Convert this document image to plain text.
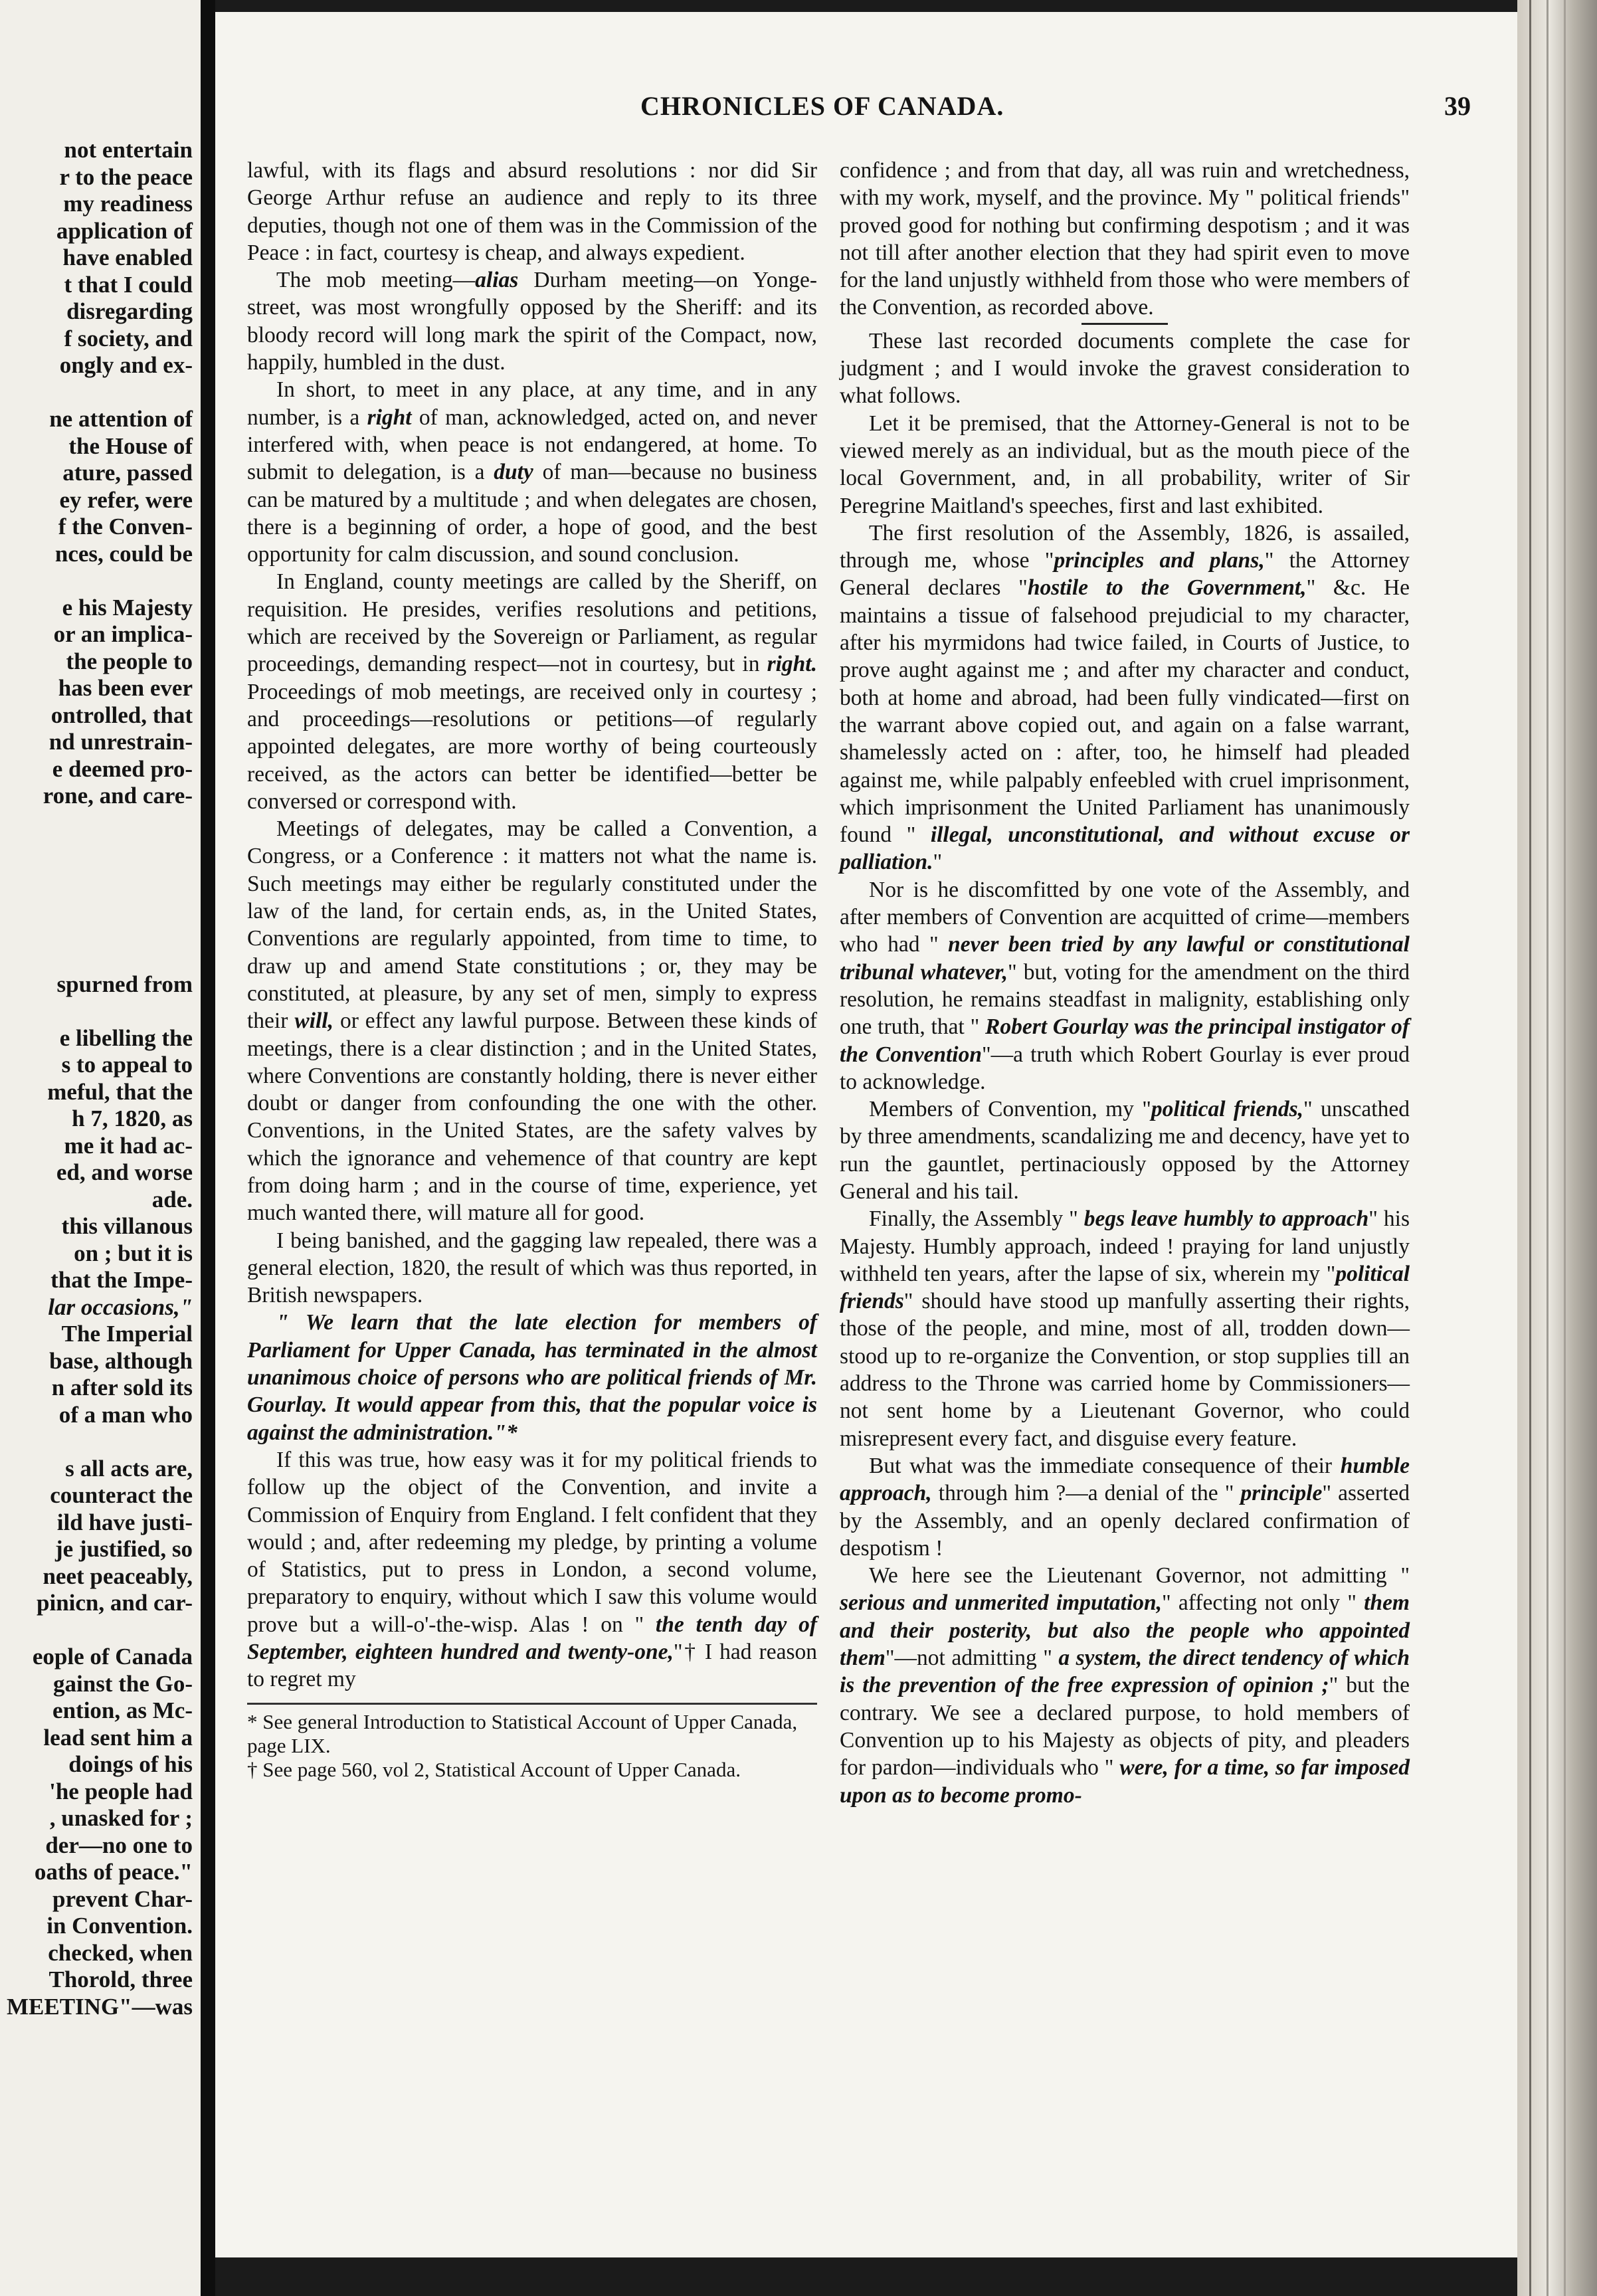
not entertain
r to the peace
my readiness
application of
have enabled
t that I could
disregarding
f society, and
ongly and ex-
ne attention of
the House of
ature, passed
ey refer, were
f the Conven-
nces, could be
e his Majesty
or an implica-
the people to
has been ever
ontrolled, that
nd unrestrain-
e deemed pro-
rone, and care-
spurned from
e libelling the
s to appeal to
meful, that the
h 7, 1820, as
me it had ac-
ed, and worse
ade.
this villanous
on ; but it is
that the Impe-
lar occasions,"
The Imperial
base, although
n after sold its
of a man who
s all acts are,
counteract the
ild have justi-
je justified, so
neet peaceably,
pinicn, and car-
eople of Canada
gainst the Go-
ention, as Mc-
lead sent him a
doings of his
'he people had
, unasked for ;
der—no one to
oaths of peace."
prevent Char-
in Convention.
checked, when
Thorold, three
MEETING"—was
CHRONICLES OF CANADA.	39

lawful, with its flags and absurd resolutions : nor did Sir George Arthur refuse an audience and reply to its three deputies, though not one of them was in the Commission of the Peace : in fact, courtesy is cheap, and always expedient.

The mob meeting—alias Durham meeting—on Yonge-street, was most wrongfully opposed by the Sheriff: and its bloody record will long mark the spirit of the Compact, now, happily, humbled in the dust.

In short, to meet in any place, at any time, and in any number, is a right of man, acknowledged, acted on, and never interfered with, when peace is not endangered, at home. To submit to delegation, is a duty of man—because no business can be matured by a multitude ; and when delegates are chosen, there is a beginning of order, a hope of good, and the best opportunity for calm discussion, and sound conclusion.

In England, county meetings are called by the Sheriff, on requisition. He presides, verifies resolutions and petitions, which are received by the Sovereign or Parliament, as regular proceedings, demanding respect—not in courtesy, but in right. Proceedings of mob meetings, are received only in courtesy ; and proceedings—resolutions or petitions—of regularly appointed delegates, are more worthy of being courteously received, as the actors can better be identified—better be conversed or correspond with.

Meetings of delegates, may be called a Convention, a Congress, or a Conference : it matters not what the name is. Such meetings may either be regularly constituted under the law of the land, for certain ends, as, in the United States, Conventions are regularly appointed, from time to time, to draw up and amend State constitutions ; or, they may be constituted, at pleasure, by any set of men, simply to express their will, or effect any lawful purpose. Between these kinds of meetings, there is a clear distinction ; and in the United States, where Conventions are constantly holding, there is never either doubt or danger from confounding the one with the other. Conventions, in the United States, are the safety valves by which the ignorance and vehemence of that country are kept from doing harm ; and in the course of time, experience, yet much wanted there, will mature all for good.

I being banished, and the gagging law repealed, there was a general election, 1820, the result of which was thus reported, in British newspapers.

" We learn that the late election for members of Parliament for Upper Canada, has terminated in the almost unanimous choice of persons who are political friends of Mr. Gourlay. It would appear from this, that the popular voice is against the administration."*

If this was true, how easy was it for my political friends to follow up the object of the Convention, and invite a Commission of Enquiry from England. I felt confident that they would ; and, after redeeming my pledge, by printing a volume of Statistics, put to press in London, a second volume, preparatory to enquiry, without which I saw this volume would prove but a will-o'-the-wisp. Alas ! on " the tenth day of September, eighteen hundred and twenty-one,"† I had reason to regret my

* See general Introduction to Statistical Account of Upper Canada, page LIX.

† See page 560, vol 2, Statistical Account of Upper Canada.

confidence ; and from that day, all was ruin and wretchedness, with my work, myself, and the province. My " political friends" proved good for nothing but confirming despotism ; and it was not till after another election that they had spirit even to move for the land unjustly withheld from those who were members of the Convention, as recorded above.

These last recorded documents complete the case for judgment ; and I would invoke the gravest consideration to what follows.

Let it be premised, that the Attorney-General is not to be viewed merely as an individual, but as the mouth piece of the local Government, and, in all probability, writer of Sir Peregrine Maitland's speeches, first and last exhibited.

The first resolution of the Assembly, 1826, is assailed, through me, whose "principles and plans," the Attorney General declares "hostile to the Government," &c. He maintains a tissue of falsehood prejudicial to my character, after his myrmidons had twice failed, in Courts of Justice, to prove aught against me ; and after my character and conduct, both at home and abroad, had been fully vindicated—first on the warrant above copied out, and again on a false warrant, shamelessly acted on : after, too, he himself had pleaded against me, while palpably enfeebled with cruel imprisonment, which imprisonment the United Parliament has unanimously found " illegal, unconstitutional, and without excuse or palliation."

Nor is he discomfitted by one vote of the Assembly, and after members of Convention are acquitted of crime—members who had " never been tried by any lawful or constitutional tribunal whatever," but, voting for the amendment on the third resolution, he remains steadfast in malignity, establishing only one truth, that " Robert Gourlay was the principal instigator of the Convention"—a truth which Robert Gourlay is ever proud to acknowledge.

Members of Convention, my "political friends," unscathed by three amendments, scandalizing me and decency, have yet to run the gauntlet, pertinaciously opposed by the Attorney General and his tail.

Finally, the Assembly " begs leave humbly to approach" his Majesty. Humbly approach, indeed ! praying for land unjustly withheld ten years, after the lapse of six, wherein my "political friends" should have stood up manfully asserting their rights, those of the people, and mine, most of all, trodden down—stood up to re-organize the Convention, or stop supplies till an address to the Throne was carried home by Commissioners—not sent home by a Lieutenant Governor, who could misrepresent every fact, and disguise every feature.

But what was the immediate consequence of their humble approach, through him ?—a denial of the " principle" asserted by the Assembly, and an openly declared confirmation of despotism !

We here see the Lieutenant Governor, not admitting " serious and unmerited imputation," affecting not only " them and their posterity, but also the people who appointed them"—not admitting " a system, the direct tendency of which is the prevention of the free expression of opinion ;" but the contrary. We see a declared purpose, to hold members of Convention up to his Majesty as objects of pity, and pleaders for pardon—individuals who " were, for a time, so far imposed upon as to become promo-
